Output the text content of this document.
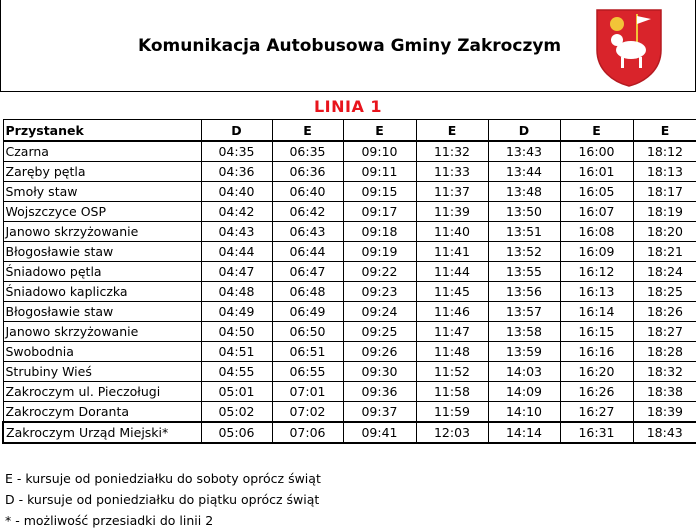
Komunikacja Autobusowa Gminy Zakroczym
LINIA 1
Przystanek	D	E	E	E	D	E	E
Czarna	04:35	06:35	09:10	11:32	13:43	16:00	18:12
Zaręby pętla	04:36	06:36	09:11	11:33	13:44	16:01	18:13
Smoły staw	04:40	06:40	09:15	11:37	13:48	16:05	18:17
Wojszczyce OSP	04:42	06:42	09:17	11:39	13:50	16:07	18:19
Janowo skrzyżowanie	04:43	06:43	09:18	11:40	13:51	16:08	18:20
Błogosławie staw	04:44	06:44	09:19	11:41	13:52	16:09	18:21
Śniadowo pętla	04:47	06:47	09:22	11:44	13:55	16:12	18:24
Śniadowo kapliczka	04:48	06:48	09:23	11:45	13:56	16:13	18:25
Błogosławie staw	04:49	06:49	09:24	11:46	13:57	16:14	18:26
Janowo skrzyżowanie	04:50	06:50	09:25	11:47	13:58	16:15	18:27
Swobodnia	04:51	06:51	09:26	11:48	13:59	16:16	18:28
Strubiny Wieś	04:55	06:55	09:30	11:52	14:03	16:20	18:32
Zakroczym ul. Pieczoługi	05:01	07:01	09:36	11:58	14:09	16:26	18:38
Zakroczym Doranta	05:02	07:02	09:37	11:59	14:10	16:27	18:39
Zakroczym Urząd Miejski*	05:06	07:06	09:41	12:03	14:14	16:31	18:43
E - kursuje od poniedziałku do soboty oprócz świąt
D - kursuje od poniedziałku do piątku oprócz świąt
* - możliwość przesiadki do linii 2
